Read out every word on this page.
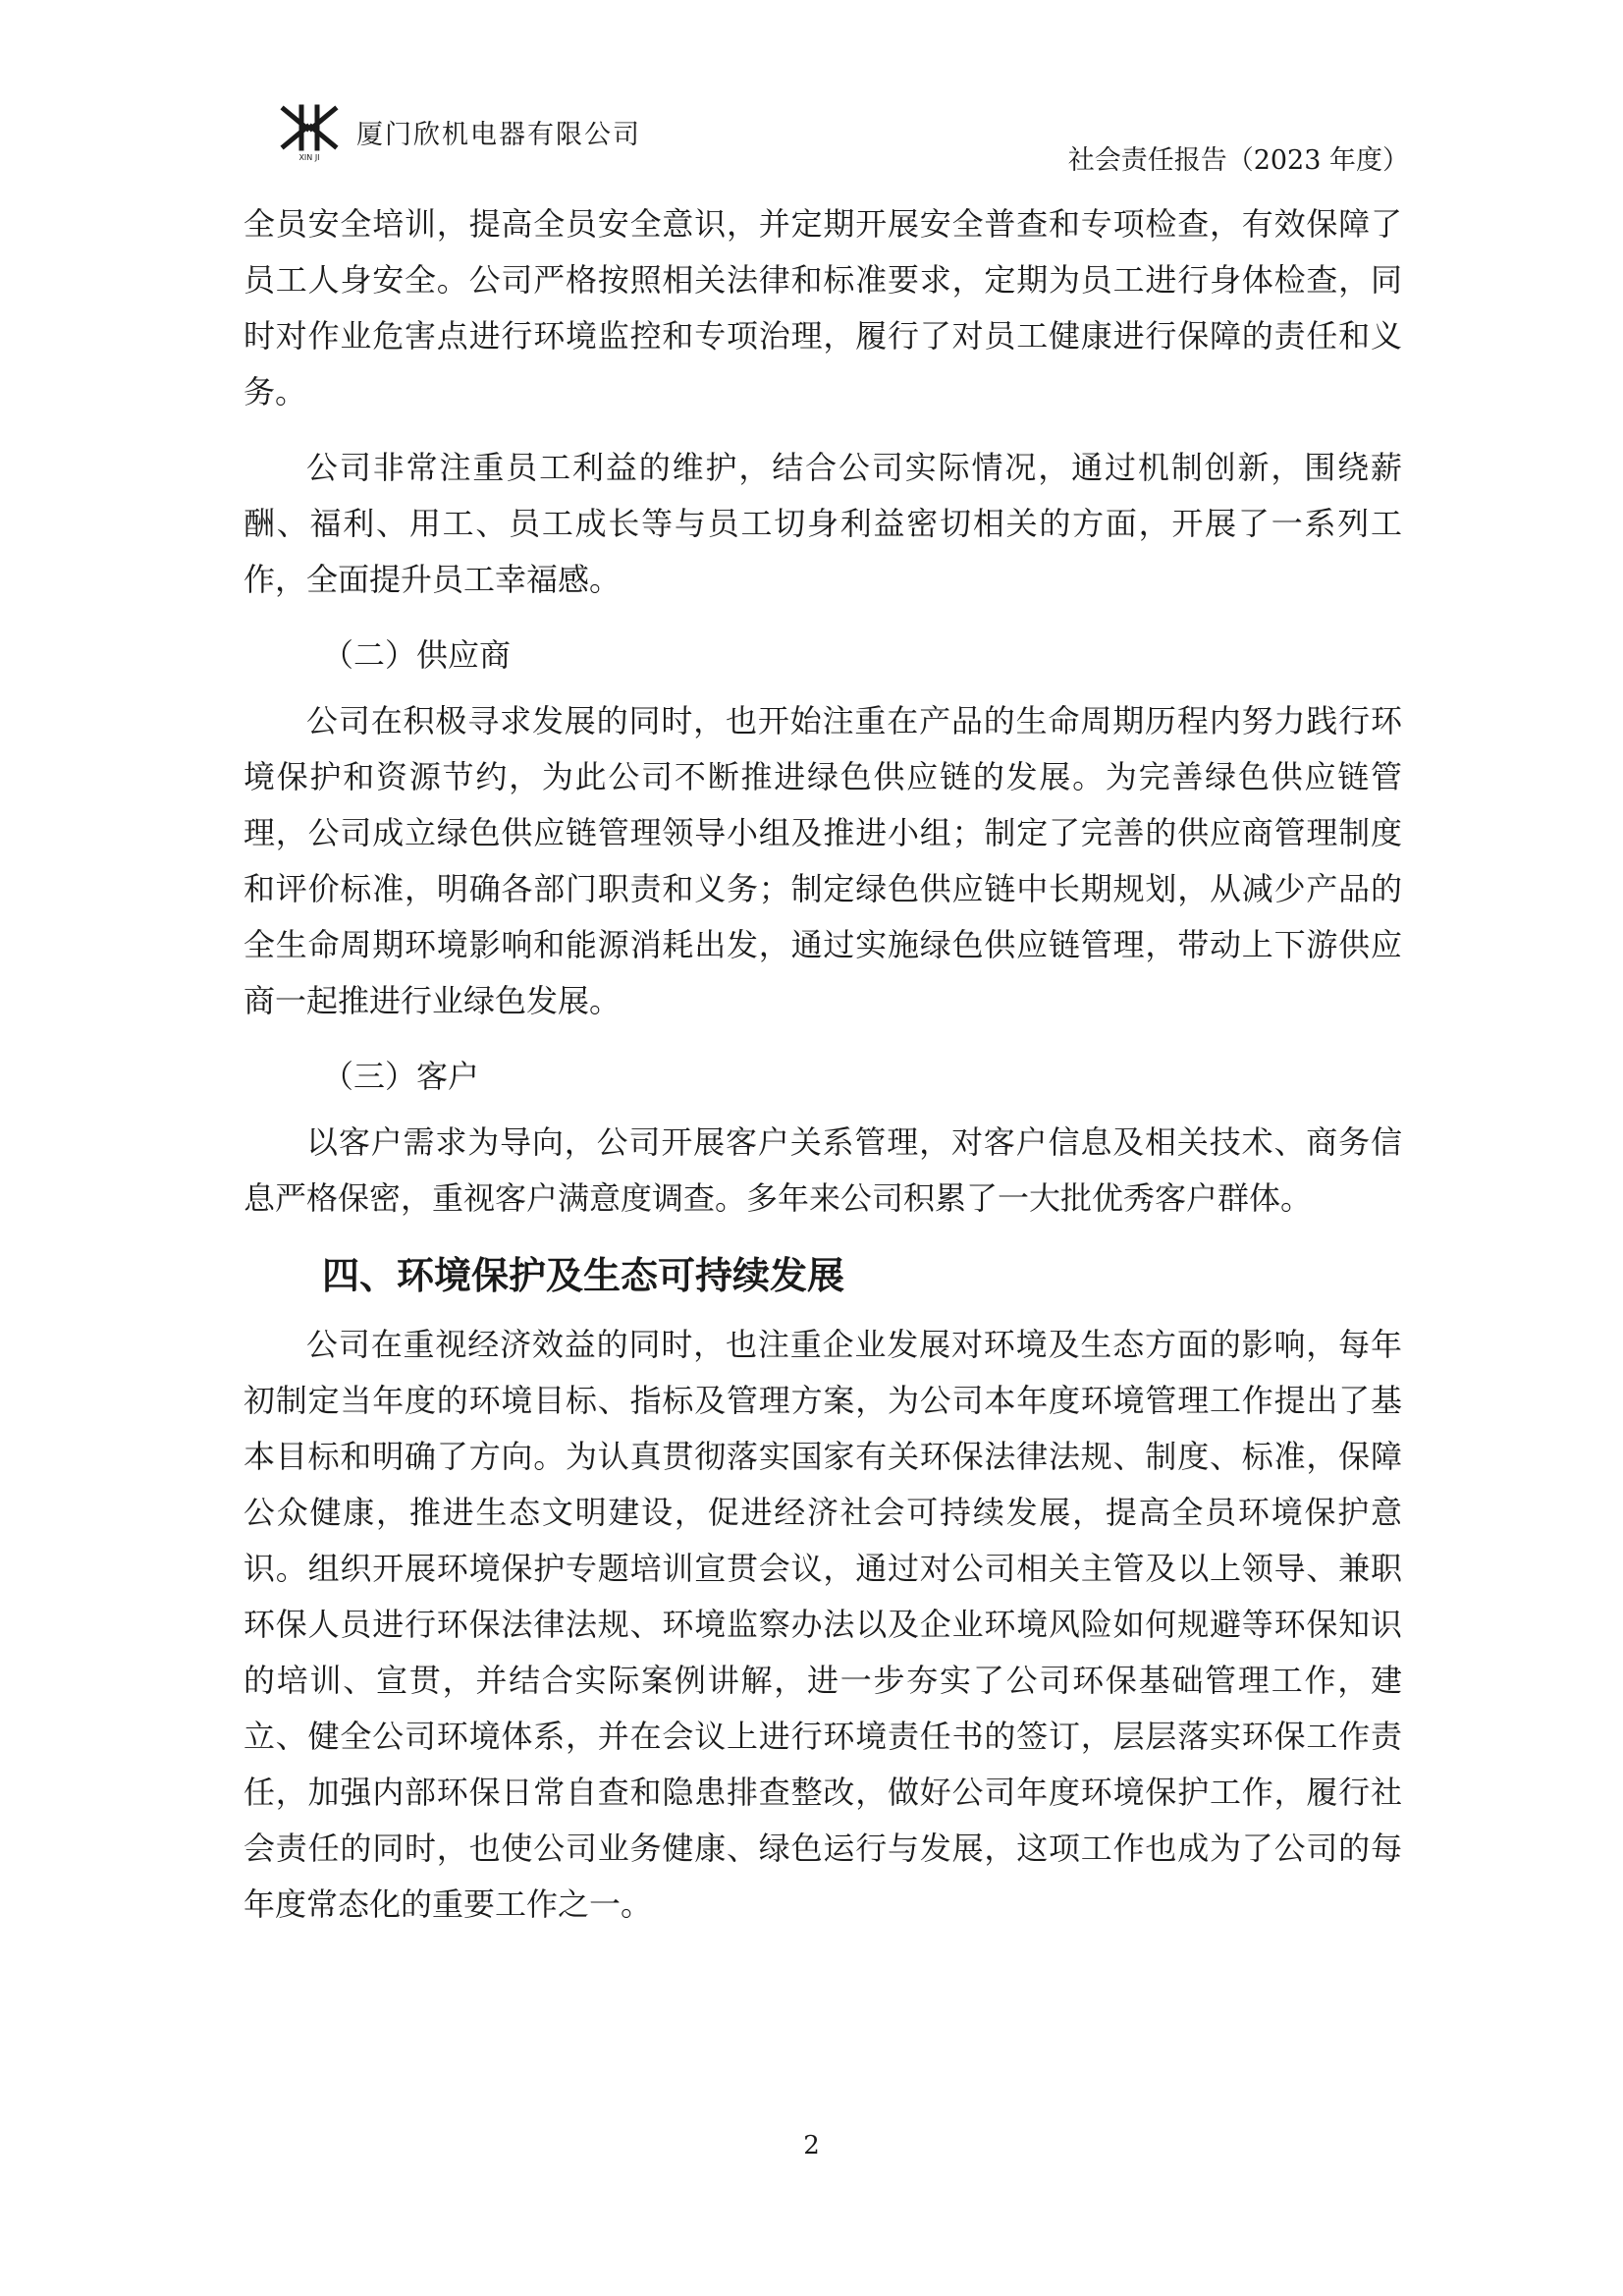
XIN JI
厦门欣机电器有限公司
社会责任报告（2023 年度）

全员安全培训，提高全员安全意识，并定期开展安全普查和专项检查，有效保障了员工人身安全。公司严格按照相关法律和标准要求，定期为员工进行身体检查，同时对作业危害点进行环境监控和专项治理，履行了对员工健康进行保障的责任和义务。

公司非常注重员工利益的维护，结合公司实际情况，通过机制创新，围绕薪酬、福利、用工、员工成长等与员工切身利益密切相关的方面，开展了一系列工作，全面提升员工幸福感。

（二）供应商

公司在积极寻求发展的同时，也开始注重在产品的生命周期历程内努力践行环境保护和资源节约，为此公司不断推进绿色供应链的发展。为完善绿色供应链管理，公司成立绿色供应链管理领导小组及推进小组；制定了完善的供应商管理制度和评价标准，明确各部门职责和义务；制定绿色供应链中长期规划，从减少产品的全生命周期环境影响和能源消耗出发，通过实施绿色供应链管理，带动上下游供应商一起推进行业绿色发展。

（三）客户

以客户需求为导向，公司开展客户关系管理，对客户信息及相关技术、商务信息严格保密，重视客户满意度调查。多年来公司积累了一大批优秀客户群体。

四、环境保护及生态可持续发展

公司在重视经济效益的同时，也注重企业发展对环境及生态方面的影响，每年初制定当年度的环境目标、指标及管理方案，为公司本年度环境管理工作提出了基本目标和明确了方向。为认真贯彻落实国家有关环保法律法规、制度、标准，保障公众健康，推进生态文明建设，促进经济社会可持续发展，提高全员环境保护意识。组织开展环境保护专题培训宣贯会议，通过对公司相关主管及以上领导、兼职环保人员进行环保法律法规、环境监察办法以及企业环境风险如何规避等环保知识的培训、宣贯，并结合实际案例讲解，进一步夯实了公司环保基础管理工作，建立、健全公司环境体系，并在会议上进行环境责任书的签订，层层落实环保工作责任，加强内部环保日常自查和隐患排查整改，做好公司年度环境保护工作，履行社会责任的同时，也使公司业务健康、绿色运行与发展，这项工作也成为了公司的每年度常态化的重要工作之一。

2
